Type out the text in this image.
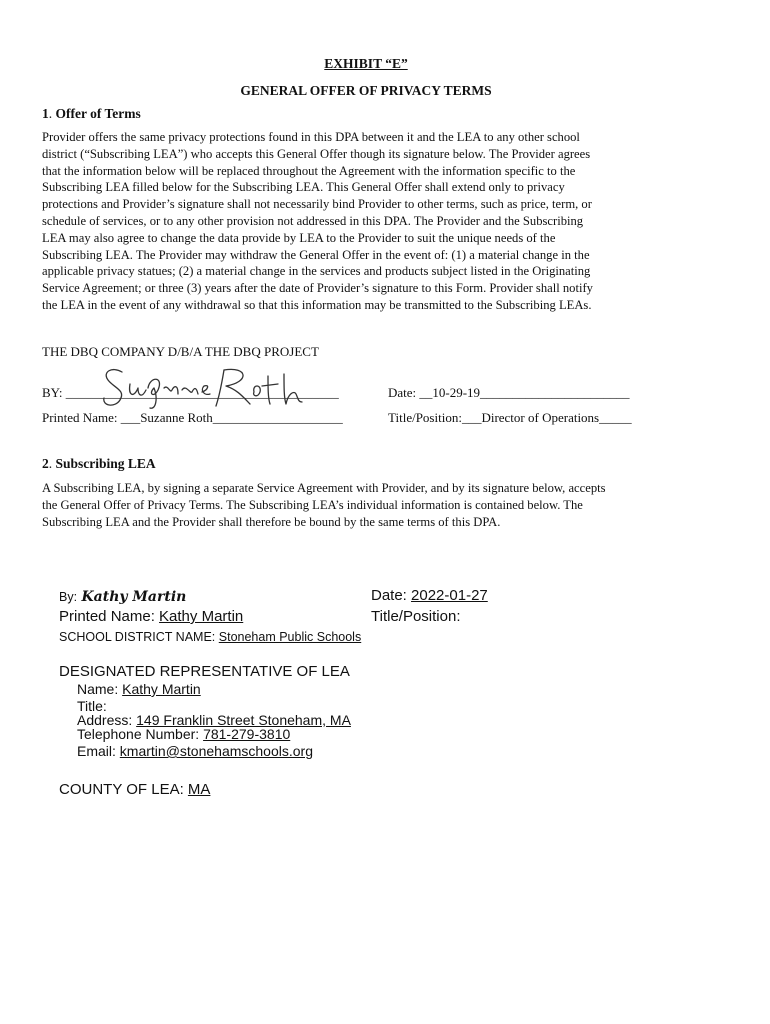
EXHIBIT “E”
GENERAL OFFER OF PRIVACY TERMS
1. Offer of Terms
Provider offers the same privacy protections found in this DPA between it and the LEA to any other school
district (“Subscribing LEA”) who accepts this General Offer though its signature below. The Provider agrees
that the information below will be replaced throughout the Agreement with the information specific to the
Subscribing LEA filled below for the Subscribing LEA. This General Offer shall extend only to privacy
protections and Provider’s signature shall not necessarily bind Provider to other terms, such as price, term, or
schedule of services, or to any other provision not addressed in this DPA. The Provider and the Subscribing
LEA may also agree to change the data provide by LEA to the Provider to suit the unique needs of the
Subscribing LEA. The Provider may withdraw the General Offer in the event of: (1) a material change in the
applicable privacy statues; (2) a material change in the services and products subject listed in the Originating
Service Agreement; or three (3) years after the date of Provider’s signature to this Form. Provider shall notify
the LEA in the event of any withdrawal so that this information may be transmitted to the Subscribing LEAs.
THE DBQ COMPANY D/B/A THE DBQ PROJECT
BY: __________________________________________	Date: __10-29-19_______________________
Printed Name: ___Suzanne Roth____________________	Title/Position:___Director of Operations_____
2. Subscribing LEA
A Subscribing LEA, by signing a separate Service Agreement with Provider, and by its signature below, accepts
the General Offer of Privacy Terms. The Subscribing LEA’s individual information is contained below. The
Subscribing LEA and the Provider shall therefore be bound by the same terms of this DPA.
By: Kathy Martin	Date: 2022-01-27
Printed Name: Kathy Martin	Title/Position:
SCHOOL DISTRICT NAME: Stoneham Public Schools
DESIGNATED REPRESENTATIVE OF LEA
Name: Kathy Martin
Title:
Address: 149 Franklin Street Stoneham, MA
Telephone Number: 781-279-3810
Email: kmartin@stonehamschools.org
COUNTY OF LEA: MA
